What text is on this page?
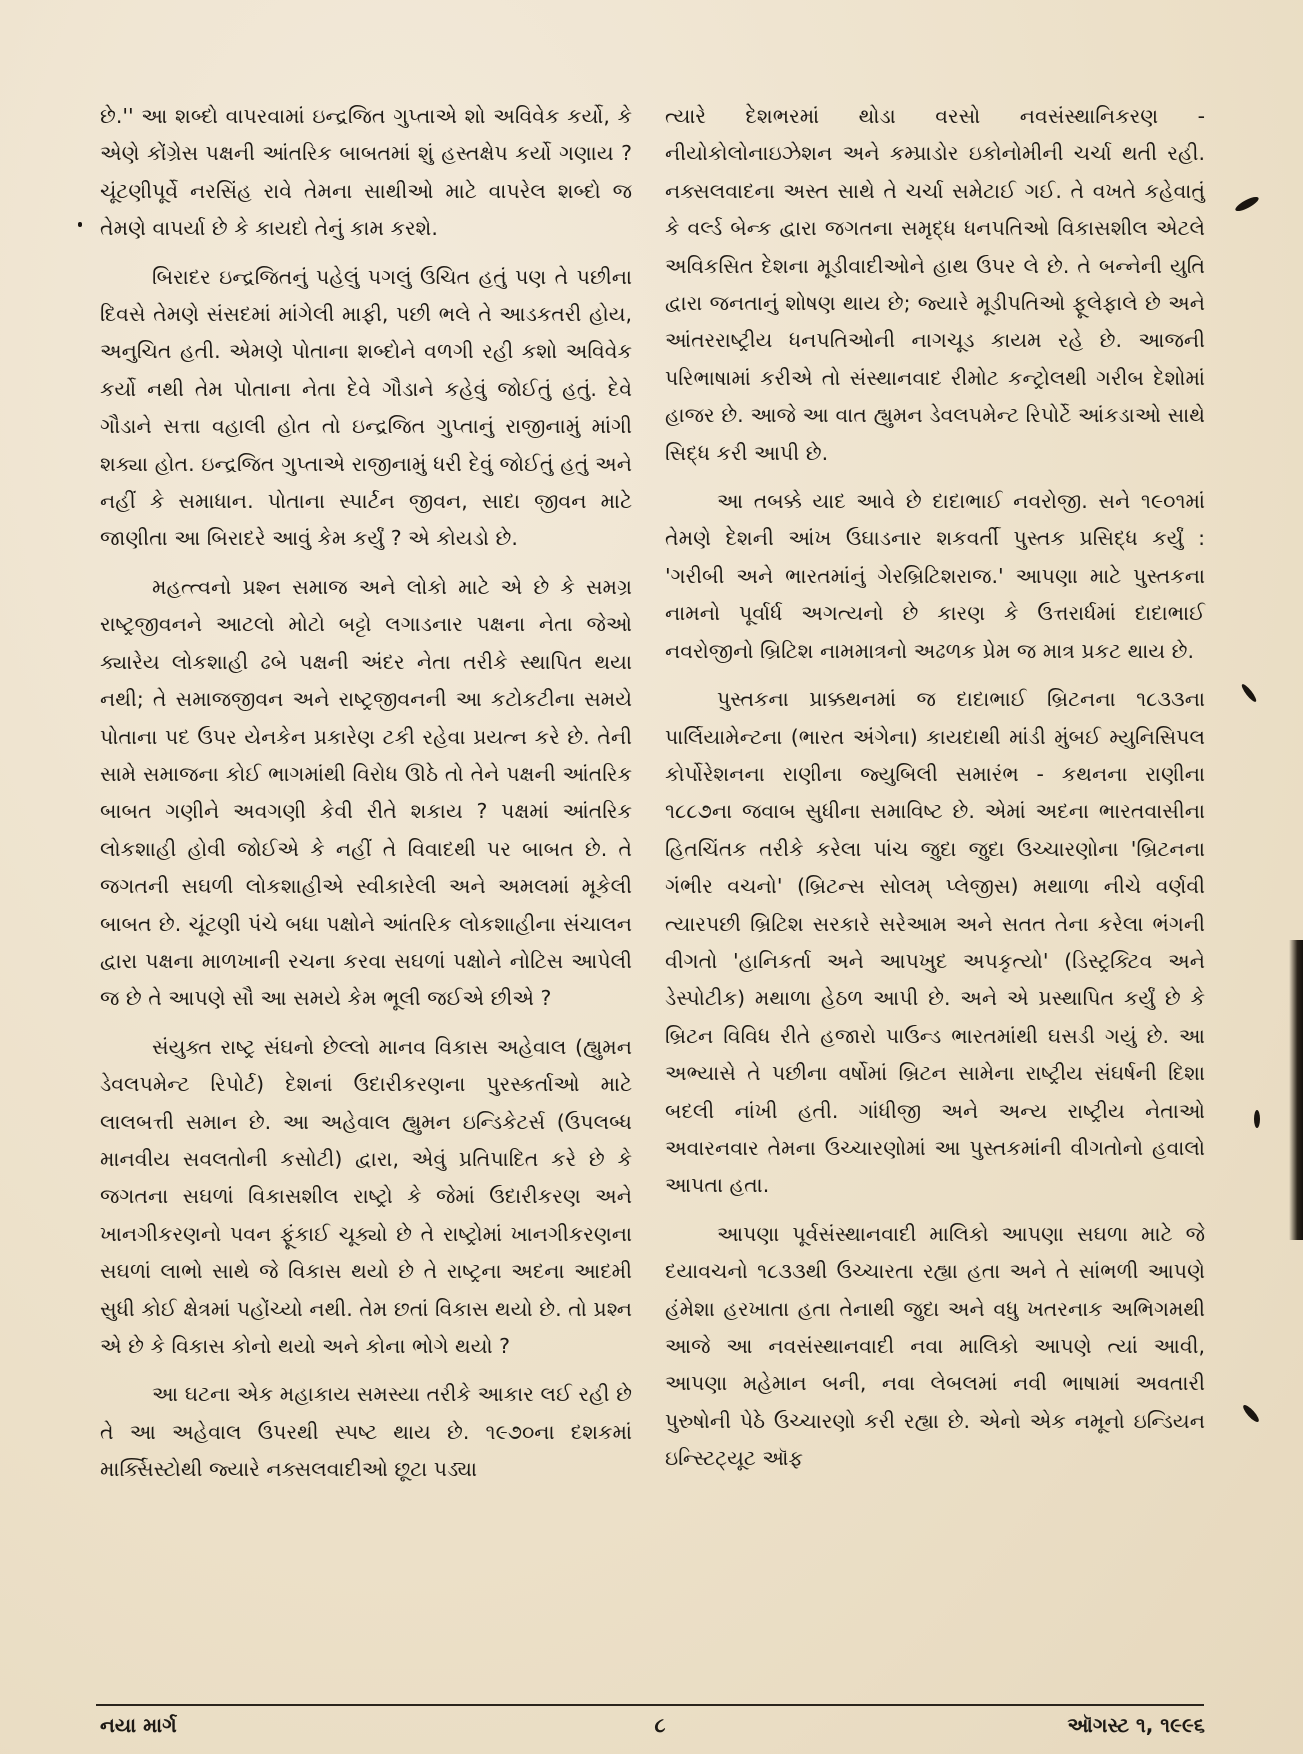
છે.'' આ શબ્દો વાપરવામાં ઇન્દ્રજિત ગુપ્તાએ શો અવિવેક કર્યો, કે એણે કોંગ્રેસ પક્ષની આંતરિક બાબતમાં શું હસ્તક્ષેપ કર્યો ગણાય ? ચૂંટણીપૂર્વે નરસિંહ રાવે તેમના સાથીઓ માટે વાપરેલ શબ્દો જ તેમણે વાપર્યા છે કે કાયદો તેનું કામ કરશે.

બિરાદર ઇન્દ્રજિતનું પહેલું પગલું ઉચિત હતું પણ તે પછીના દિવસે તેમણે સંસદમાં માંગેલી માફી, પછી ભલે તે આડકતરી હોય, અનુચિત હતી. એમણે પોતાના શબ્દોને વળગી રહી કશો અવિવેક કર્યો નથી તેમ પોતાના નેતા દેવે ગૌડાને કહેવું જોઈતું હતું. દેવે ગૌડાને સત્તા વહાલી હોત તો ઇન્દ્રજિત ગુપ્તાનું રાજીનામું માંગી શક્યા હોત. ઇન્દ્રજિત ગુપ્તાએ રાજીનામું ધરી દેવું જોઈતું હતું અને નહીં કે સમાધાન. પોતાના સ્પાર્ટન જીવન, સાદા જીવન માટે જાણીતા આ બિરાદરે આવું કેમ કર્યું ? એ કોયડો છે.

મહત્ત્વનો પ્રશ્ન સમાજ અને લોકો માટે એ છે કે સમગ્ર રાષ્ટ્રજીવનને આટલો મોટો બટ્ટો લગાડનાર પક્ષના નેતા જેઓ ક્યારેય લોકશાહી ઢબે પક્ષની અંદર નેતા તરીકે સ્થાપિત થયા નથી; તે સમાજજીવન અને રાષ્ટ્રજીવનની આ કટોકટીના સમયે પોતાના પદ ઉપર યેનકેન પ્રકારેણ ટકી રહેવા પ્રયત્ન કરે છે. તેની સામે સમાજના કોઈ ભાગમાંથી વિરોધ ઊઠે તો તેને પક્ષની આંતરિક બાબત ગણીને અવગણી કેવી રીતે શકાય ? પક્ષમાં આંતરિક લોકશાહી હોવી જોઈએ કે નહીં તે વિવાદથી પર બાબત છે. તે જગતની સઘળી લોકશાહીએ સ્વીકારેલી અને અમલમાં મૂકેલી બાબત છે. ચૂંટણી પંચે બધા પક્ષોને આંતરિક લોકશાહીના સંચાલન દ્વારા પક્ષના માળખાની રચના કરવા સઘળાં પક્ષોને નોટિસ આપેલી જ છે તે આપણે સૌ આ સમયે કેમ ભૂલી જઈએ છીએ ?

સંયુક્ત રાષ્ટ્ર સંઘનો છેલ્લો માનવ વિકાસ અહેવાલ (હ્યુમન ડેવલપમેન્ટ રિપોર્ટ) દેશનાં ઉદારીકરણના પુરસ્કર્તાઓ માટે લાલબત્તી સમાન છે. આ અહેવાલ હ્યુમન ઇન્ડિકેટર્સ (ઉપલબ્ધ માનવીય સવલતોની કસોટી) દ્વારા, એવું પ્રતિપાદિત કરે છે કે જગતના સઘળાં વિકાસશીલ રાષ્ટ્રો કે જેમાં ઉદારીકરણ અને ખાનગીકરણનો પવન ફૂંકાઈ ચૂક્યો છે તે રાષ્ટ્રોમાં ખાનગીકરણના સઘળાં લાભો સાથે જે વિકાસ થયો છે તે રાષ્ટ્રના અદના આદમી સુધી કોઈ ક્ષેત્રમાં પહોંચ્યો નથી. તેમ છતાં વિકાસ થયો છે. તો પ્રશ્ન એ છે કે વિકાસ કોનો થયો અને કોના ભોગે થયો ?

આ ઘટના એક મહાકાય સમસ્યા તરીકે આકાર લઈ રહી છે તે આ અહેવાલ ઉપરથી સ્પષ્ટ થાય છે. ૧૯૭૦ના દશકમાં માર્ક્સિસ્ટોથી જ્યારે નક્સલવાદીઓ છૂટા પડ્યા

ત્યારે દેશભરમાં થોડા વરસો નવસંસ્થાનિકરણ - નીયોકોલોનાઇઝેશન અને કમ્પ્રાડોર ઇકોનોમીની ચર્ચા થતી રહી. નક્સલવાદના અસ્ત સાથે તે ચર્ચા સમેટાઈ ગઈ. તે વખતે કહેવાતું કે વર્લ્ડ બેન્ક દ્વારા જગતના સમૃદ્ધ ધનપતિઓ વિકાસશીલ એટલે અવિકસિત દેશના મૂડીવાદીઓને હાથ ઉપર લે છે. તે બન્નેની યુતિ દ્વારા જનતાનું શોષણ થાય છે; જ્યારે મૂડીપતિઓ ફૂલેફાલે છે અને આંતરરાષ્ટ્રીય ધનપતિઓની નાગચૂડ કાયમ રહે છે. આજની પરિભાષામાં કરીએ તો સંસ્થાનવાદ રીમોટ કન્ટ્રોલથી ગરીબ દેશોમાં હાજર છે. આજે આ વાત હ્યુમન ડેવલપમેન્ટ રિપોર્ટે આંકડાઓ સાથે સિદ્ધ કરી આપી છે.

આ તબક્કે યાદ આવે છે દાદાભાઈ નવરોજી. સને ૧૯૦૧માં તેમણે દેશની આંખ ઉઘાડનાર શકવર્તી પુસ્તક પ્રસિદ્ધ કર્યું : 'ગરીબી અને ભારતમાંનું ગેરબ્રિટિશરાજ.' આપણા માટે પુસ્તકના નામનો પૂર્વાર્ધ અગત્યનો છે કારણ કે ઉત્તરાર્ધમાં દાદાભાઈ નવરોજીનો બ્રિટિશ નામમાત્રનો અઢળક પ્રેમ જ માત્ર પ્રકટ થાય છે.

પુસ્તકના પ્રાક્કથનમાં જ દાદાભાઈ બ્રિટનના ૧૮૩૩ના પાર્લિયામેન્ટના (ભારત અંગેના) કાયદાથી માંડી મુંબઈ મ્યુનિસિપલ કોર્પોરેશનના રાણીના જ્યુબિલી સમારંભ - કથનના રાણીના ૧૮૮૭ના જવાબ સુધીના સમાવિષ્ટ છે. એમાં અદના ભારતવાસીના હિતચિંતક તરીકે કરેલા પાંચ જુદા જુદા ઉચ્ચારણોના 'બ્રિટનના ગંભીર વચનો' (બ્રિટન્સ સોલમ્ પ્લેજીસ) મથાળા નીચે વર્ણવી ત્યારપછી બ્રિટિશ સરકારે સરેઆમ અને સતત તેના કરેલા ભંગની વીગતો 'હાનિકર્તા અને આપખુદ અપકૃત્યો' (ડિસ્ટ્રક્ટિવ અને ડેસ્પોટીક) મથાળા હેઠળ આપી છે. અને એ પ્રસ્થાપિત કર્યું છે કે બ્રિટન વિવિધ રીતે હજારો પાઉન્ડ ભારતમાંથી ઘસડી ગયું છે. આ અભ્યાસે તે પછીના વર્ષોમાં બ્રિટન સામેના રાષ્ટ્રીય સંઘર્ષની દિશા બદલી નાંખી હતી. ગાંધીજી અને અન્ય રાષ્ટ્રીય નેતાઓ અવારનવાર તેમના ઉચ્ચારણોમાં આ પુસ્તકમાંની વીગતોનો હવાલો આપતા હતા.

આપણા પૂર્વસંસ્થાનવાદી માલિકો આપણા સઘળા માટે જે દયાવચનો ૧૮૩૩થી ઉચ્ચારતા રહ્યા હતા અને તે સાંભળી આપણે હંમેશા હરખાતા હતા તેનાથી જુદા અને વધુ ખતરનાક અભિગમથી આજે આ નવસંસ્થાનવાદી નવા માલિકો આપણે ત્યાં આવી, આપણા મહેમાન બની, નવા લેબલમાં નવી ભાષામાં અવતારી પુરુષોની પેઠે ઉચ્ચારણો કરી રહ્યા છે. એનો એક નમૂનો ઇન્ડિયન ઇન્સ્ટિટ્યૂટ ઑફ

નયા માર્ગ	૮	ઑગસ્ટ ૧, ૧૯૯૬
